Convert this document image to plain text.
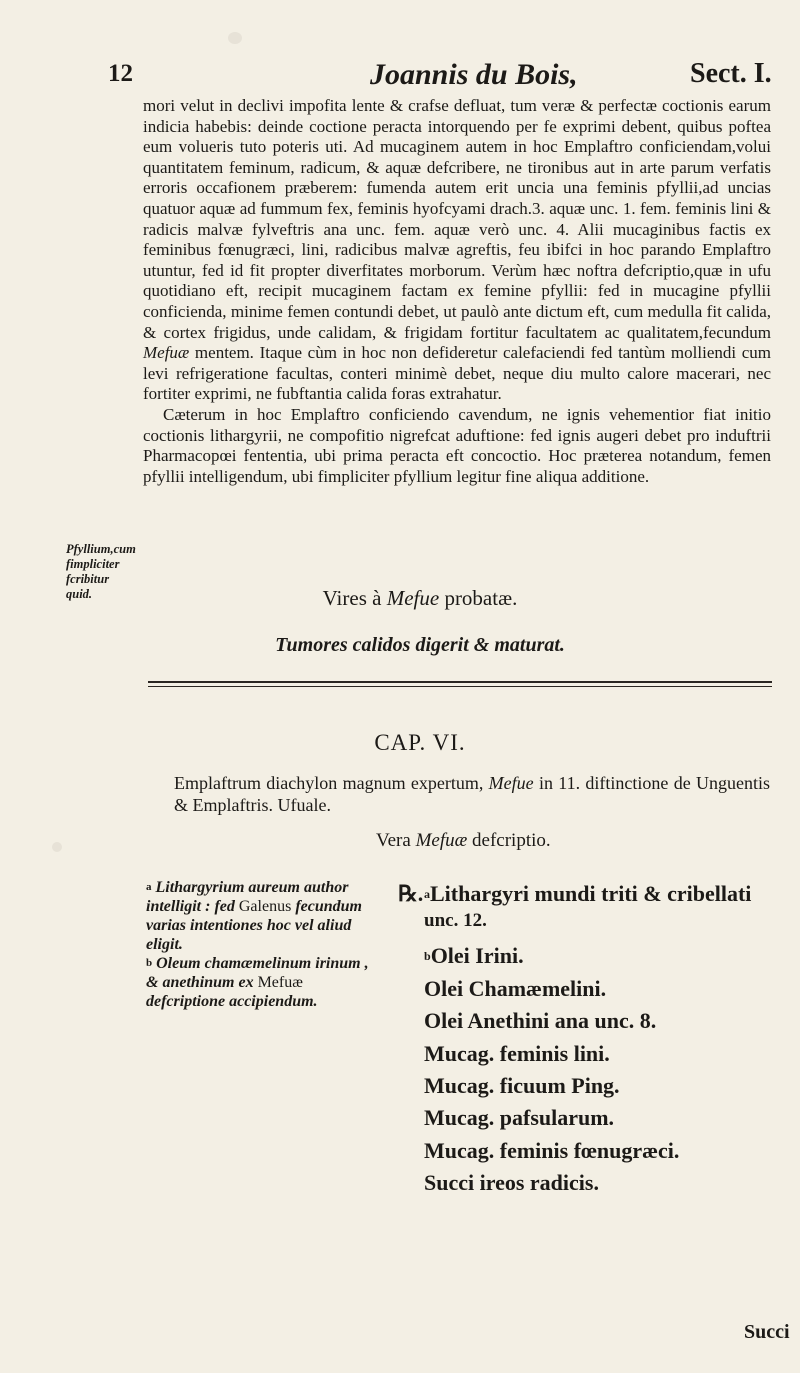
12	Joannis du Bois,	Sect. I.

mori velut in declivi impofita lente & crafse defluat, tum veræ & perfectæ coctionis earum indicia habebis: deinde coctione peracta intorquendo per fe exprimi debent, quibus poftea eum volueris tuto poteris uti. Ad mucaginem autem in hoc Emplaftro conficiendam,volui quantitatem feminum, radicum, & aquæ defcribere, ne tironibus aut in arte parum verfatis erroris occafionem præberem: fumenda autem erit uncia una feminis pfyllii,ad uncias quatuor aquæ ad fummum fex, feminis hyofcyami drach.3. aquæ unc. 1. fem. feminis lini & radicis malvæ fylveftris ana unc. fem. aquæ verò unc. 4. Alii mucaginibus factis ex feminibus fœnugræci, lini, radicibus malvæ agreftis, feu ibifci in hoc parando Emplaftro utuntur, fed id fit propter diverfitates morborum. Verùm hæc noftra defcriptio,quæ in ufu quotidiano eft, recipit mucaginem factam ex femine pfyllii: fed in mucagine pfyllii conficienda, minime femen contundi debet, ut paulò ante dictum eft, cum medulla fit calida, & cortex frigidus, unde calidam, & frigidam fortitur facultatem ac qualitatem,fecundum Mefuæ mentem. Itaque cùm in hoc non defideretur calefaciendi fed tantùm molliendi cum levi refrigeratione facultas, conteri minimè debet, neque diu multo calore macerari, nec fortiter exprimi, ne fubftantia calida foras extrahatur.

Cæterum in hoc Emplaftro conficiendo cavendum, ne ignis vehementior fiat initio coctionis lithargyrii, ne compofitio nigrefcat aduftione: fed ignis augeri debet pro induftrii Pharmacopœi fententia, ubi prima peracta eft concoctio. Hoc præterea notandum, femen pfyllii intelligendum, ubi fimpliciter pfyllium legitur fine aliqua additione.

Pfyllium,cum fimpliciter fcribitur quid.	Vires à Mefue probatæ.
Tumores calidos digerit & maturat.
CAP. VI.
Emplaftrum diachylon magnum expertum, Mefue in 11. diftinctione de Unguentis & Emplaftris. Ufuale.
Vera Mefuæ defcriptio.
$^a$ Lithargyrium aureum author intelligit : fed Galenus fecundum varias intentiones hoc vel aliud eligit.
$^b$ Oleum chamæmelinum irinum , & anethinum ex Mefuæ defcriptione accipiendum.
℞.$^a$Lithargyri mundi triti & cribellati
unc. 12.
$^b$Olei Irini.
Olei Chamæmelini.
Olei Anethini ana unc. 8.
Mucag. feminis lini.
Mucag. ficuum Ping.
Mucag. pafsularum.
Mucag. feminis fœnugræci.
Succi ireos radicis.
Succi
